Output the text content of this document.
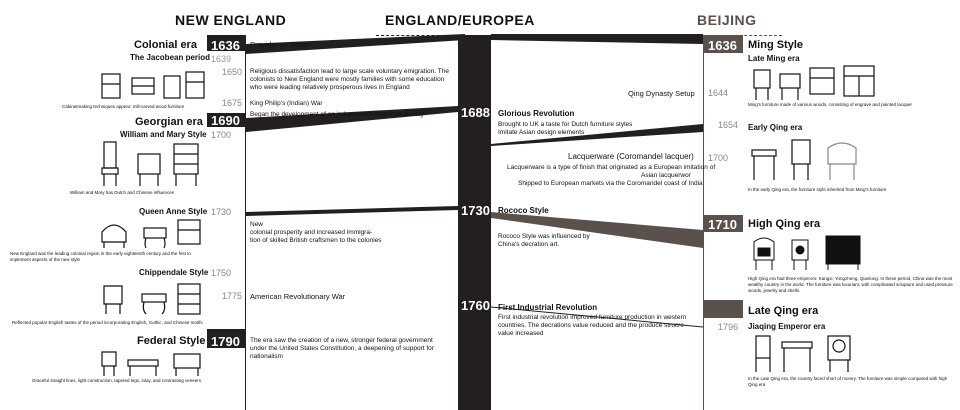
NEW ENGLAND	ENGLAND/EUROPEA	BEIJING
1636
1639
1650
1675
1690
1700
1730
1750
1775
1790
Colonial era
The Jacobean period
Cabinetmaking techniques appear: mill-carved wood furniture
Georgian era
William and Mary Style
William and Mary has Dutch and Chinese influences
Queen Anne Style
New England was the leading colonial region in the early eighteenth century and the first to implement aspects of the new style
Chippendale Style
Reflected popular English tastes of the period incorporating English, Gothic, and Chinese motifs
Federal Style
Graceful straight lines, light construction, tapered legs, inlay, and contrasting veneers
Providence Setup
Religious dissatisfaction lead to large scale voluntary emigration. The colonists to New England were mostly families with some education who were leading relatively prosperous lives in England
King Philip's (Indian) War
Began the development of an independent American identity
New
colonial prosperity and increased immigra-
tion of skilled British craftsmen to the colonies
American Revolutionary War
The era saw the creation of a new, stronger federal government under the United States Constitution, a deepening of support for nationalism
1688
1730
1760
Glorious Revolution
Brought to UK a taste for Dutch furniture styles
Imitate Asian design elements
Lacquerware (Coromandel lacquer)
Lacquerware is a type of finish that originated as a European imitation of
Asian lacquerwor
Shipped to European markets via the Coromandel coast of India
Qing Dynasty Setup
Rococo Style
Rococo Style was influenced by
China's decration art.
First Industrial Revolution
First industrial revolution improved furniture production in western countries. The decrations value reduced and the produce strucre value increased
1636
1644
1654
1700
1710
1790
1796
Ming Style
Late Ming era
Ming's furniture made of various woods, consisting of engrave and painted lacquer
Early Qing era
In the early Qing era, the furniture style inherited from Ming's furniture
High Qing era
High Qing era had three emperors: Kangxi, Yongzheng, Qianlong. In these period, China was the most wealthy country in the world. The furniture was luxuriant, with complicated sclupture and used pressure woods, jewelry and shells.
Late Qing era
Jiaqing Emperor era
In the Late Qing era, the country faced short of money. The furniture was simple compared with high Qing era
